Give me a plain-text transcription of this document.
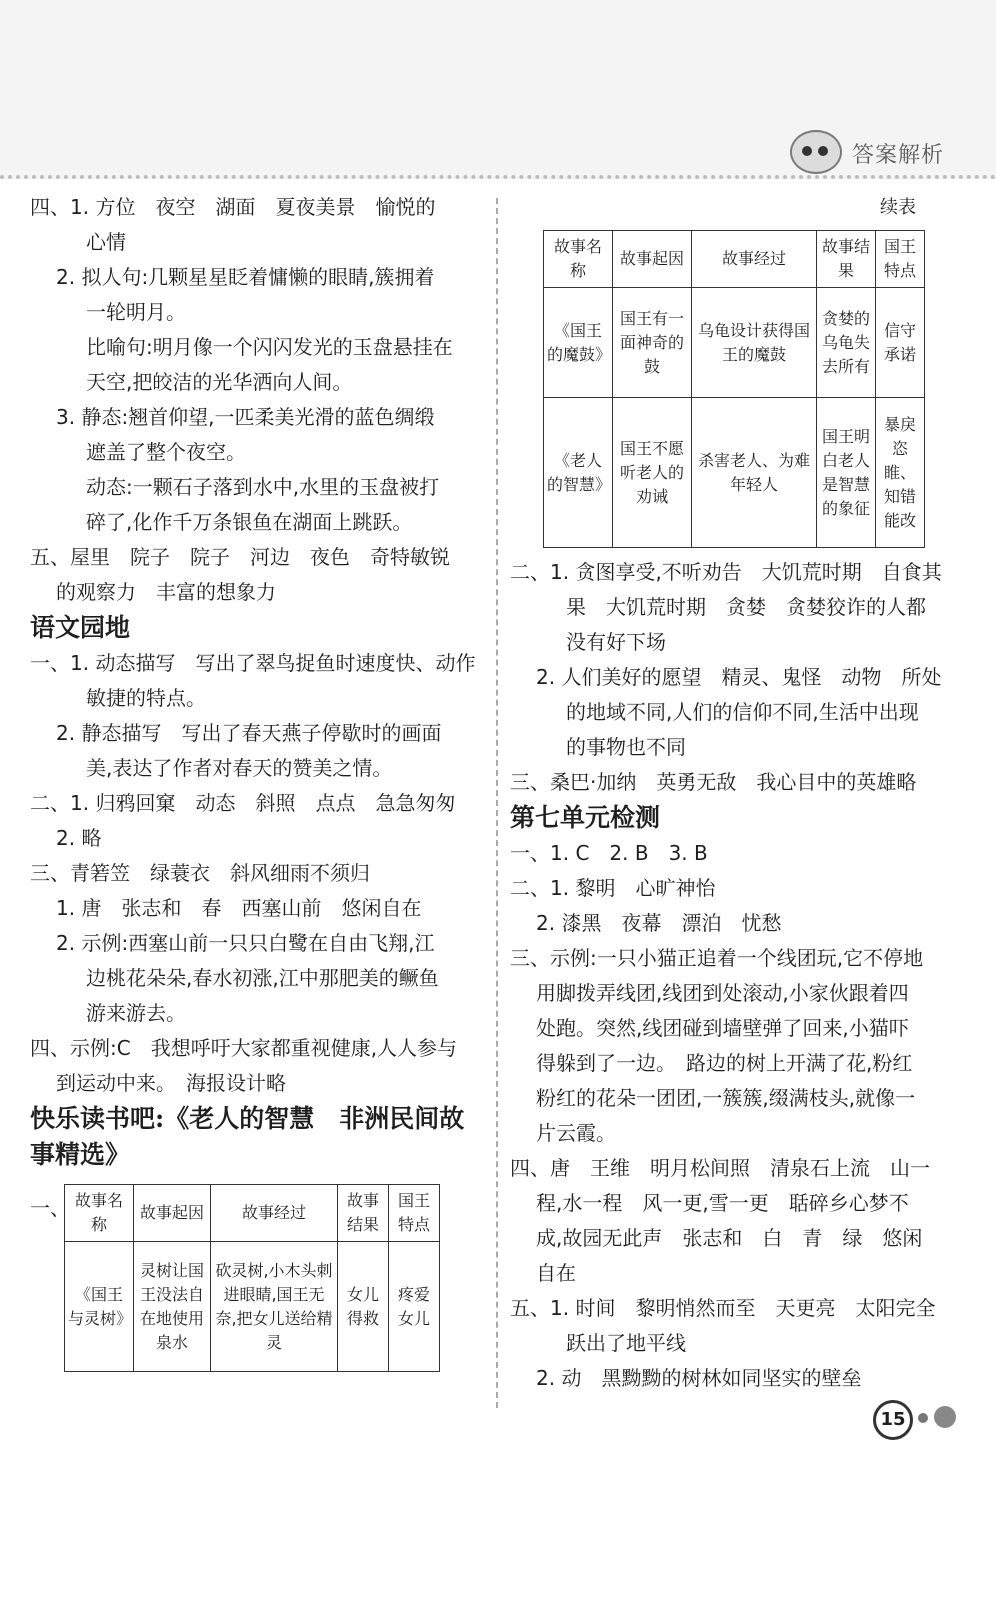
答案解析
四、1. 方位　夜空　湖面　夏夜美景　愉悦的
心情
2. 拟人句:几颗星星眨着慵懒的眼睛,簇拥着
一轮明月。
比喻句:明月像一个闪闪发光的玉盘悬挂在
天空,把皎洁的光华洒向人间。
3. 静态:翘首仰望,一匹柔美光滑的蓝色绸缎
遮盖了整个夜空。
动态:一颗石子落到水中,水里的玉盘被打
碎了,化作千万条银鱼在湖面上跳跃。
五、屋里　院子　院子　河边　夜色　奇特敏锐
的观察力　丰富的想象力
语文园地
一、1. 动态描写　写出了翠鸟捉鱼时速度快、动作
敏捷的特点。
2. 静态描写　写出了春天燕子停歇时的画面
美,表达了作者对春天的赞美之情。
二、1. 归鸦回窠　动态　斜照　点点　急急匆匆
2. 略
三、青箬笠　绿蓑衣　斜风细雨不须归
1. 唐　张志和　春　西塞山前　悠闲自在
2. 示例:西塞山前一只只白鹭在自由飞翔,江
边桃花朵朵,春水初涨,江中那肥美的鳜鱼
游来游去。
四、示例:C　我想呼吁大家都重视健康,人人参与
到运动中来。　海报设计略
快乐读书吧:《老人的智慧　非洲民间故
事精选》
一、 故事名称	故事起因	故事经过	故事结果	国王特点
《国王与灵树》	灵树让国王没法自在地使用泉水	砍灵树,小木头刺进眼睛,国王无奈,把女儿送给精灵	女儿得救	疼爱女儿
续表
故事名称	故事起因	故事经过	故事结果	国王特点
《国王的魔鼓》	国王有一面神奇的鼓	乌龟设计获得国王的魔鼓	贪婪的乌龟失去所有	信守承诺
《老人的智慧》	国王不愿听老人的劝诫	杀害老人、为难年轻人	国王明白老人是智慧的象征	暴戾恣睢、知错能改
二、1. 贪图享受,不听劝告　大饥荒时期　自食其
果　大饥荒时期　贪婪　贪婪狡诈的人都
没有好下场
2. 人们美好的愿望　精灵、鬼怪　动物　所处
的地域不同,人们的信仰不同,生活中出现
的事物也不同
三、桑巴·加纳　英勇无敌　我心目中的英雄略
第七单元检测
一、1. C　2. B　3. B
二、1. 黎明　心旷神怡
2. 漆黑　夜幕　漂泊　忧愁
三、示例:一只小猫正追着一个线团玩,它不停地
用脚拨弄线团,线团到处滚动,小家伙跟着四
处跑。突然,线团碰到墙壁弹了回来,小猫吓
得躲到了一边。　路边的树上开满了花,粉红
粉红的花朵一团团,一簇簇,缀满枝头,就像一
片云霞。
四、唐　王维　明月松间照　清泉石上流　山一
程,水一程　风一更,雪一更　聒碎乡心梦不
成,故园无此声　张志和　白　青　绿　悠闲
自在
五、1. 时间　黎明悄然而至　天更亮　太阳完全
跃出了地平线
2. 动　黑黝黝的树林如同坚实的壁垒
15
